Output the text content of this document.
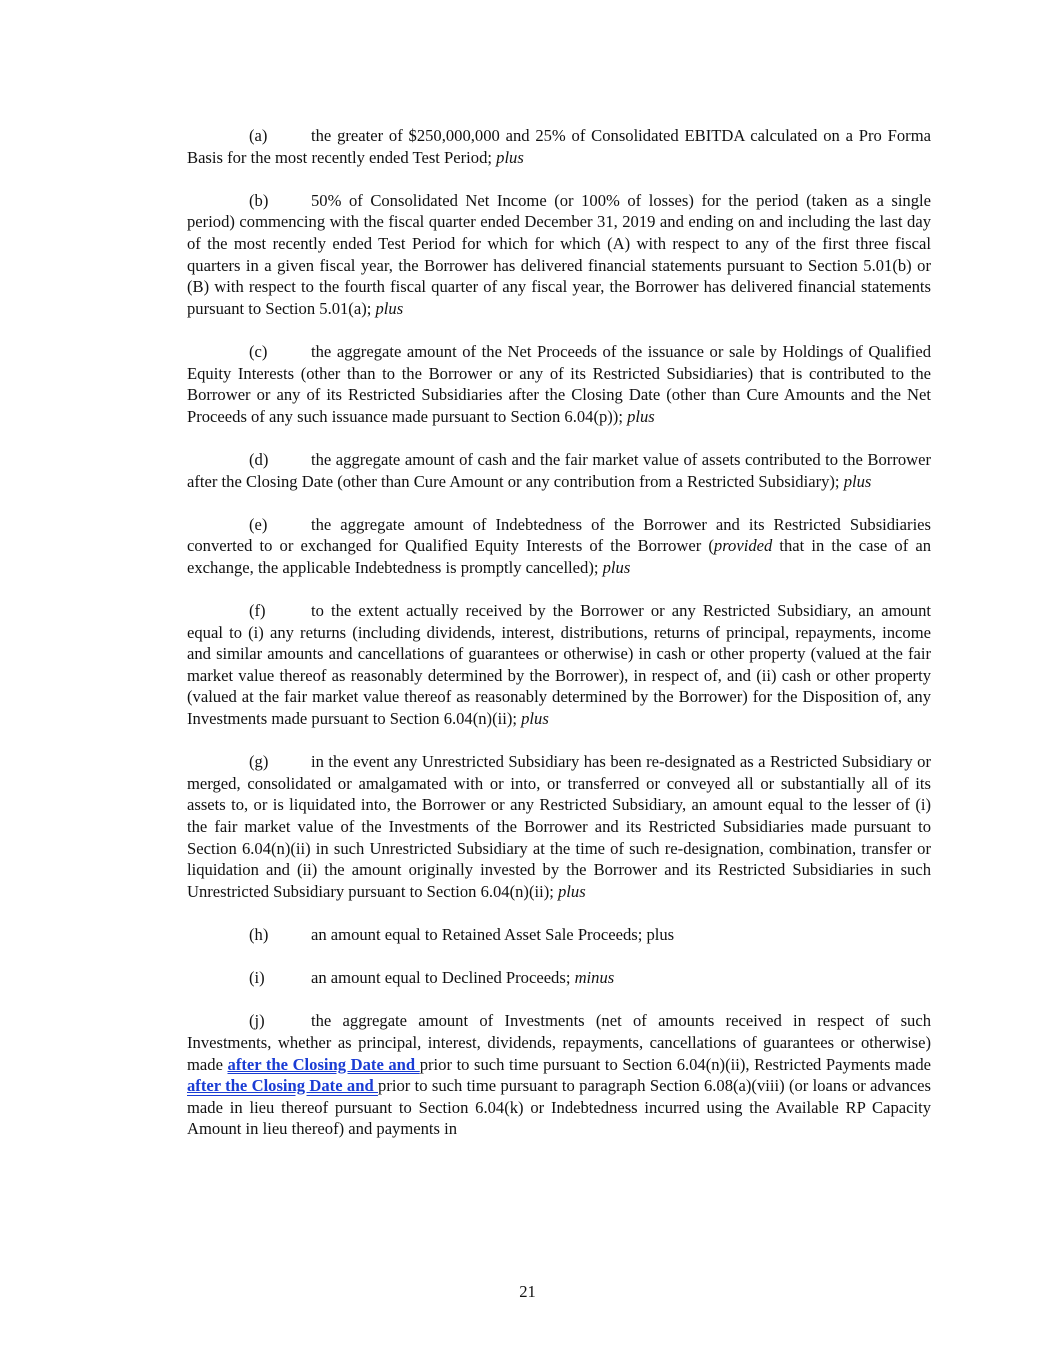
(a)	the greater of $250,000,000 and 25% of Consolidated EBITDA calculated on a Pro Forma Basis for the most recently ended Test Period; plus

(b)	50% of Consolidated Net Income (or 100% of losses) for the period (taken as a single period) commencing with the fiscal quarter ended December 31, 2019 and ending on and including the last day of the most recently ended Test Period for which for which (A) with respect to any of the first three fiscal quarters in a given fiscal year, the Borrower has delivered financial statements pursuant to Section 5.01(b) or (B) with respect to the fourth fiscal quarter of any fiscal year, the Borrower has delivered financial statements pursuant to Section 5.01(a); plus

(c)	the aggregate amount of the Net Proceeds of the issuance or sale by Holdings of Qualified Equity Interests (other than to the Borrower or any of its Restricted Subsidiaries) that is contributed to the Borrower or any of its Restricted Subsidiaries after the Closing Date (other than Cure Amounts and the Net Proceeds of any such issuance made pursuant to Section 6.04(p)); plus

(d)	the aggregate amount of cash and the fair market value of assets contributed to the Borrower after the Closing Date (other than Cure Amount or any contribution from a Restricted Subsidiary); plus

(e)	the aggregate amount of Indebtedness of the Borrower and its Restricted Subsidiaries converted to or exchanged for Qualified Equity Interests of the Borrower (provided that in the case of an exchange, the applicable Indebtedness is promptly cancelled); plus

(f)	to the extent actually received by the Borrower or any Restricted Subsidiary, an amount equal to (i) any returns (including dividends, interest, distributions, returns of principal, repayments, income and similar amounts and cancellations of guarantees or otherwise) in cash or other property (valued at the fair market value thereof as reasonably determined by the Borrower), in respect of, and (ii) cash or other property (valued at the fair market value thereof as reasonably determined by the Borrower) for the Disposition of, any Investments made pursuant to Section 6.04(n)(ii); plus

(g)	in the event any Unrestricted Subsidiary has been re-designated as a Restricted Subsidiary or merged, consolidated or amalgamated with or into, or transferred or conveyed all or substantially all of its assets to, or is liquidated into, the Borrower or any Restricted Subsidiary, an amount equal to the lesser of (i) the fair market value of the Investments of the Borrower and its Restricted Subsidiaries made pursuant to Section 6.04(n)(ii) in such Unrestricted Subsidiary at the time of such re-designation, combination, transfer or liquidation and (ii) the amount originally invested by the Borrower and its Restricted Subsidiaries in such Unrestricted Subsidiary pursuant to Section 6.04(n)(ii); plus

(h)	an amount equal to Retained Asset Sale Proceeds; plus

(i)	an amount equal to Declined Proceeds; minus

(j)	the aggregate amount of Investments (net of amounts received in respect of such Investments, whether as principal, interest, dividends, repayments, cancellations of guarantees or otherwise) made after the Closing Date and prior to such time pursuant to Section 6.04(n)(ii), Restricted Payments made after the Closing Date and prior to such time pursuant to paragraph Section 6.08(a)(viii) (or loans or advances made in lieu thereof pursuant to Section 6.04(k) or Indebtedness incurred using the Available RP Capacity Amount in lieu thereof) and payments in

21
